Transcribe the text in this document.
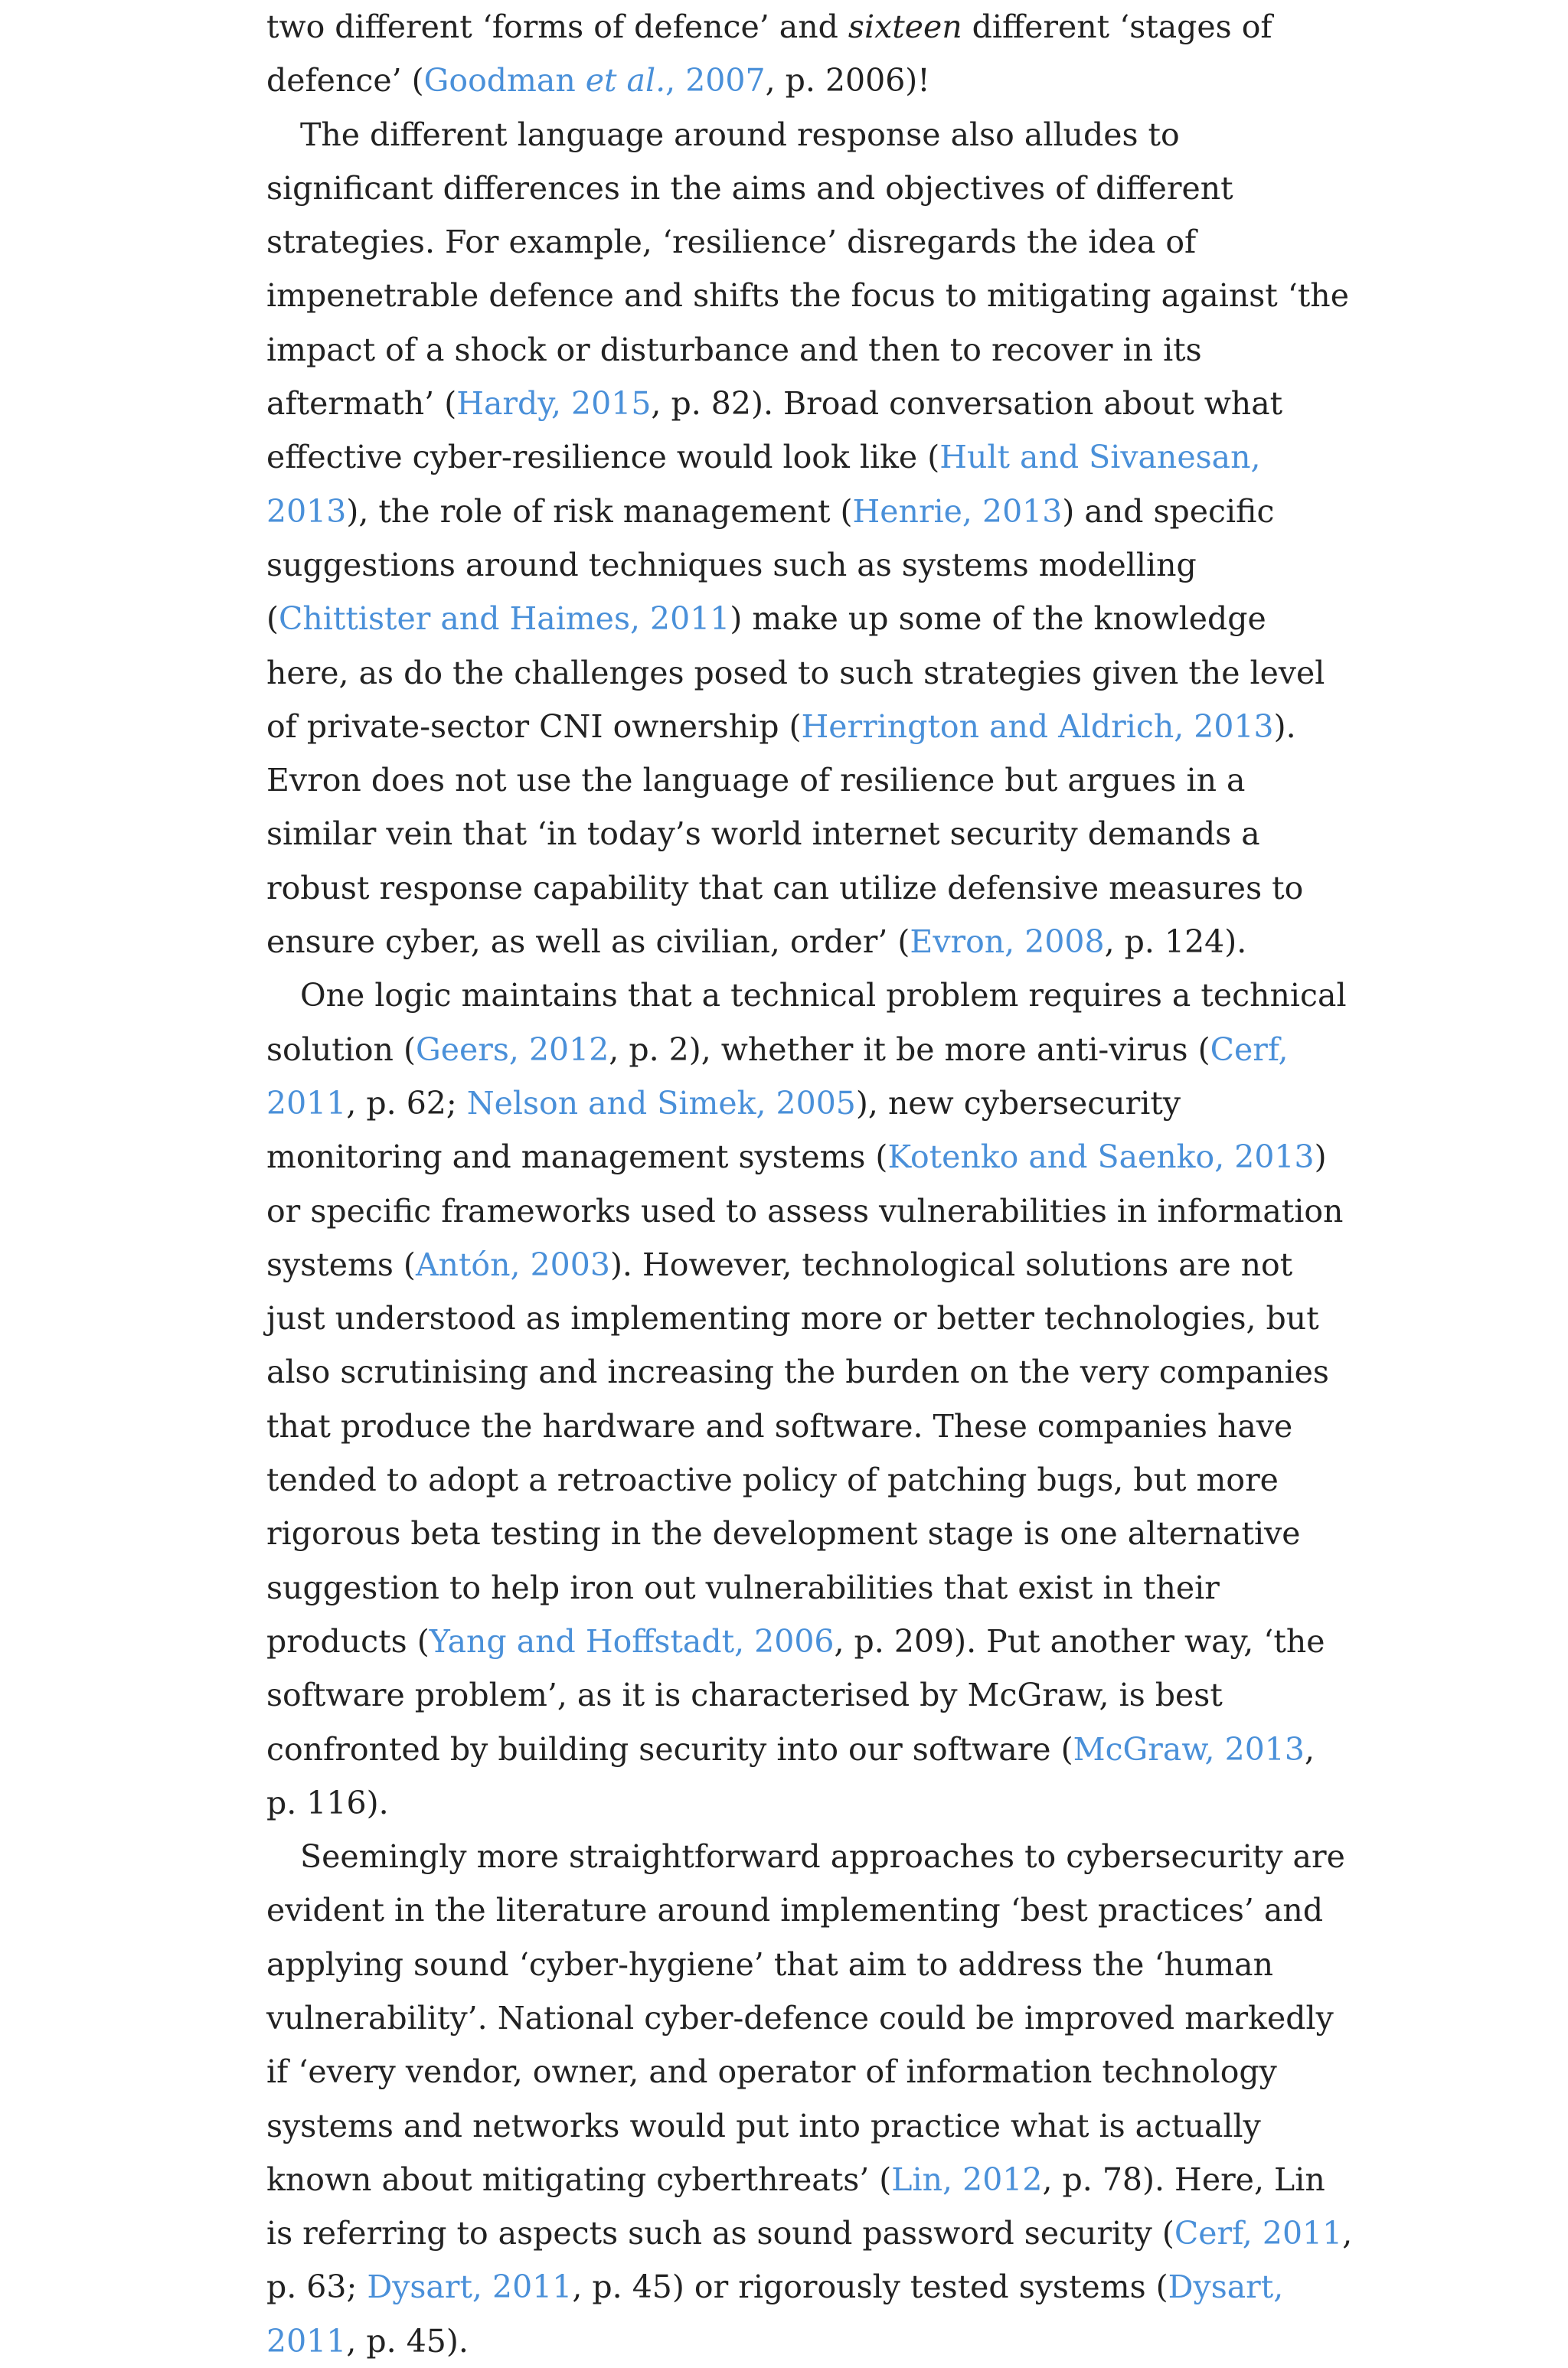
two different ‘forms of defence’ and sixteen different ‘stages of defence’ (Goodman et al., 2007, p. 2006)!

The different language around response also alludes to significant differences in the aims and objectives of different strategies. For example, ‘resilience’ disregards the idea of impenetrable defence and shifts the focus to mitigating against ‘the impact of a shock or disturbance and then to recover in its aftermath’ (Hardy, 2015, p. 82). Broad conversation about what effective cyber-resilience would look like (Hult and Sivanesan, 2013), the role of risk management (Henrie, 2013) and specific suggestions around techniques such as systems modelling (Chittister and Haimes, 2011) make up some of the knowledge here, as do the challenges posed to such strategies given the level of private-sector CNI ownership (Herrington and Aldrich, 2013). Evron does not use the language of resilience but argues in a similar vein that ‘in today’s world internet security demands a robust response capability that can utilize defensive measures to ensure cyber, as well as civilian, order’ (Evron, 2008, p. 124).

One logic maintains that a technical problem requires a technical solution (Geers, 2012, p. 2), whether it be more anti-virus (Cerf, 2011, p. 62; Nelson and Simek, 2005), new cybersecurity monitoring and management systems (Kotenko and Saenko, 2013) or specific frameworks used to assess vulnerabilities in information systems (Antón, 2003). However, technological solutions are not just understood as implementing more or better technologies, but also scrutinising and increasing the burden on the very companies that produce the hardware and software. These companies have tended to adopt a retroactive policy of patching bugs, but more rigorous beta testing in the development stage is one alternative suggestion to help iron out vulnerabilities that exist in their products (Yang and Hoffstadt, 2006, p. 209). Put another way, ‘the software problem’, as it is characterised by McGraw, is best confronted by building security into our software (McGraw, 2013, p. 116).

Seemingly more straightforward approaches to cybersecurity are evident in the literature around implementing ‘best practices’ and applying sound ‘cyber-hygiene’ that aim to address the ‘human vulnerability’. National cyber-defence could be improved markedly if ‘every vendor, owner, and operator of information technology systems and networks would put into practice what is actually known about mitigating cyberthreats’ (Lin, 2012, p. 78). Here, Lin is referring to aspects such as sound password security (Cerf, 2011, p. 63; Dysart, 2011, p. 45) or rigorously tested systems (Dysart, 2011, p. 45).
